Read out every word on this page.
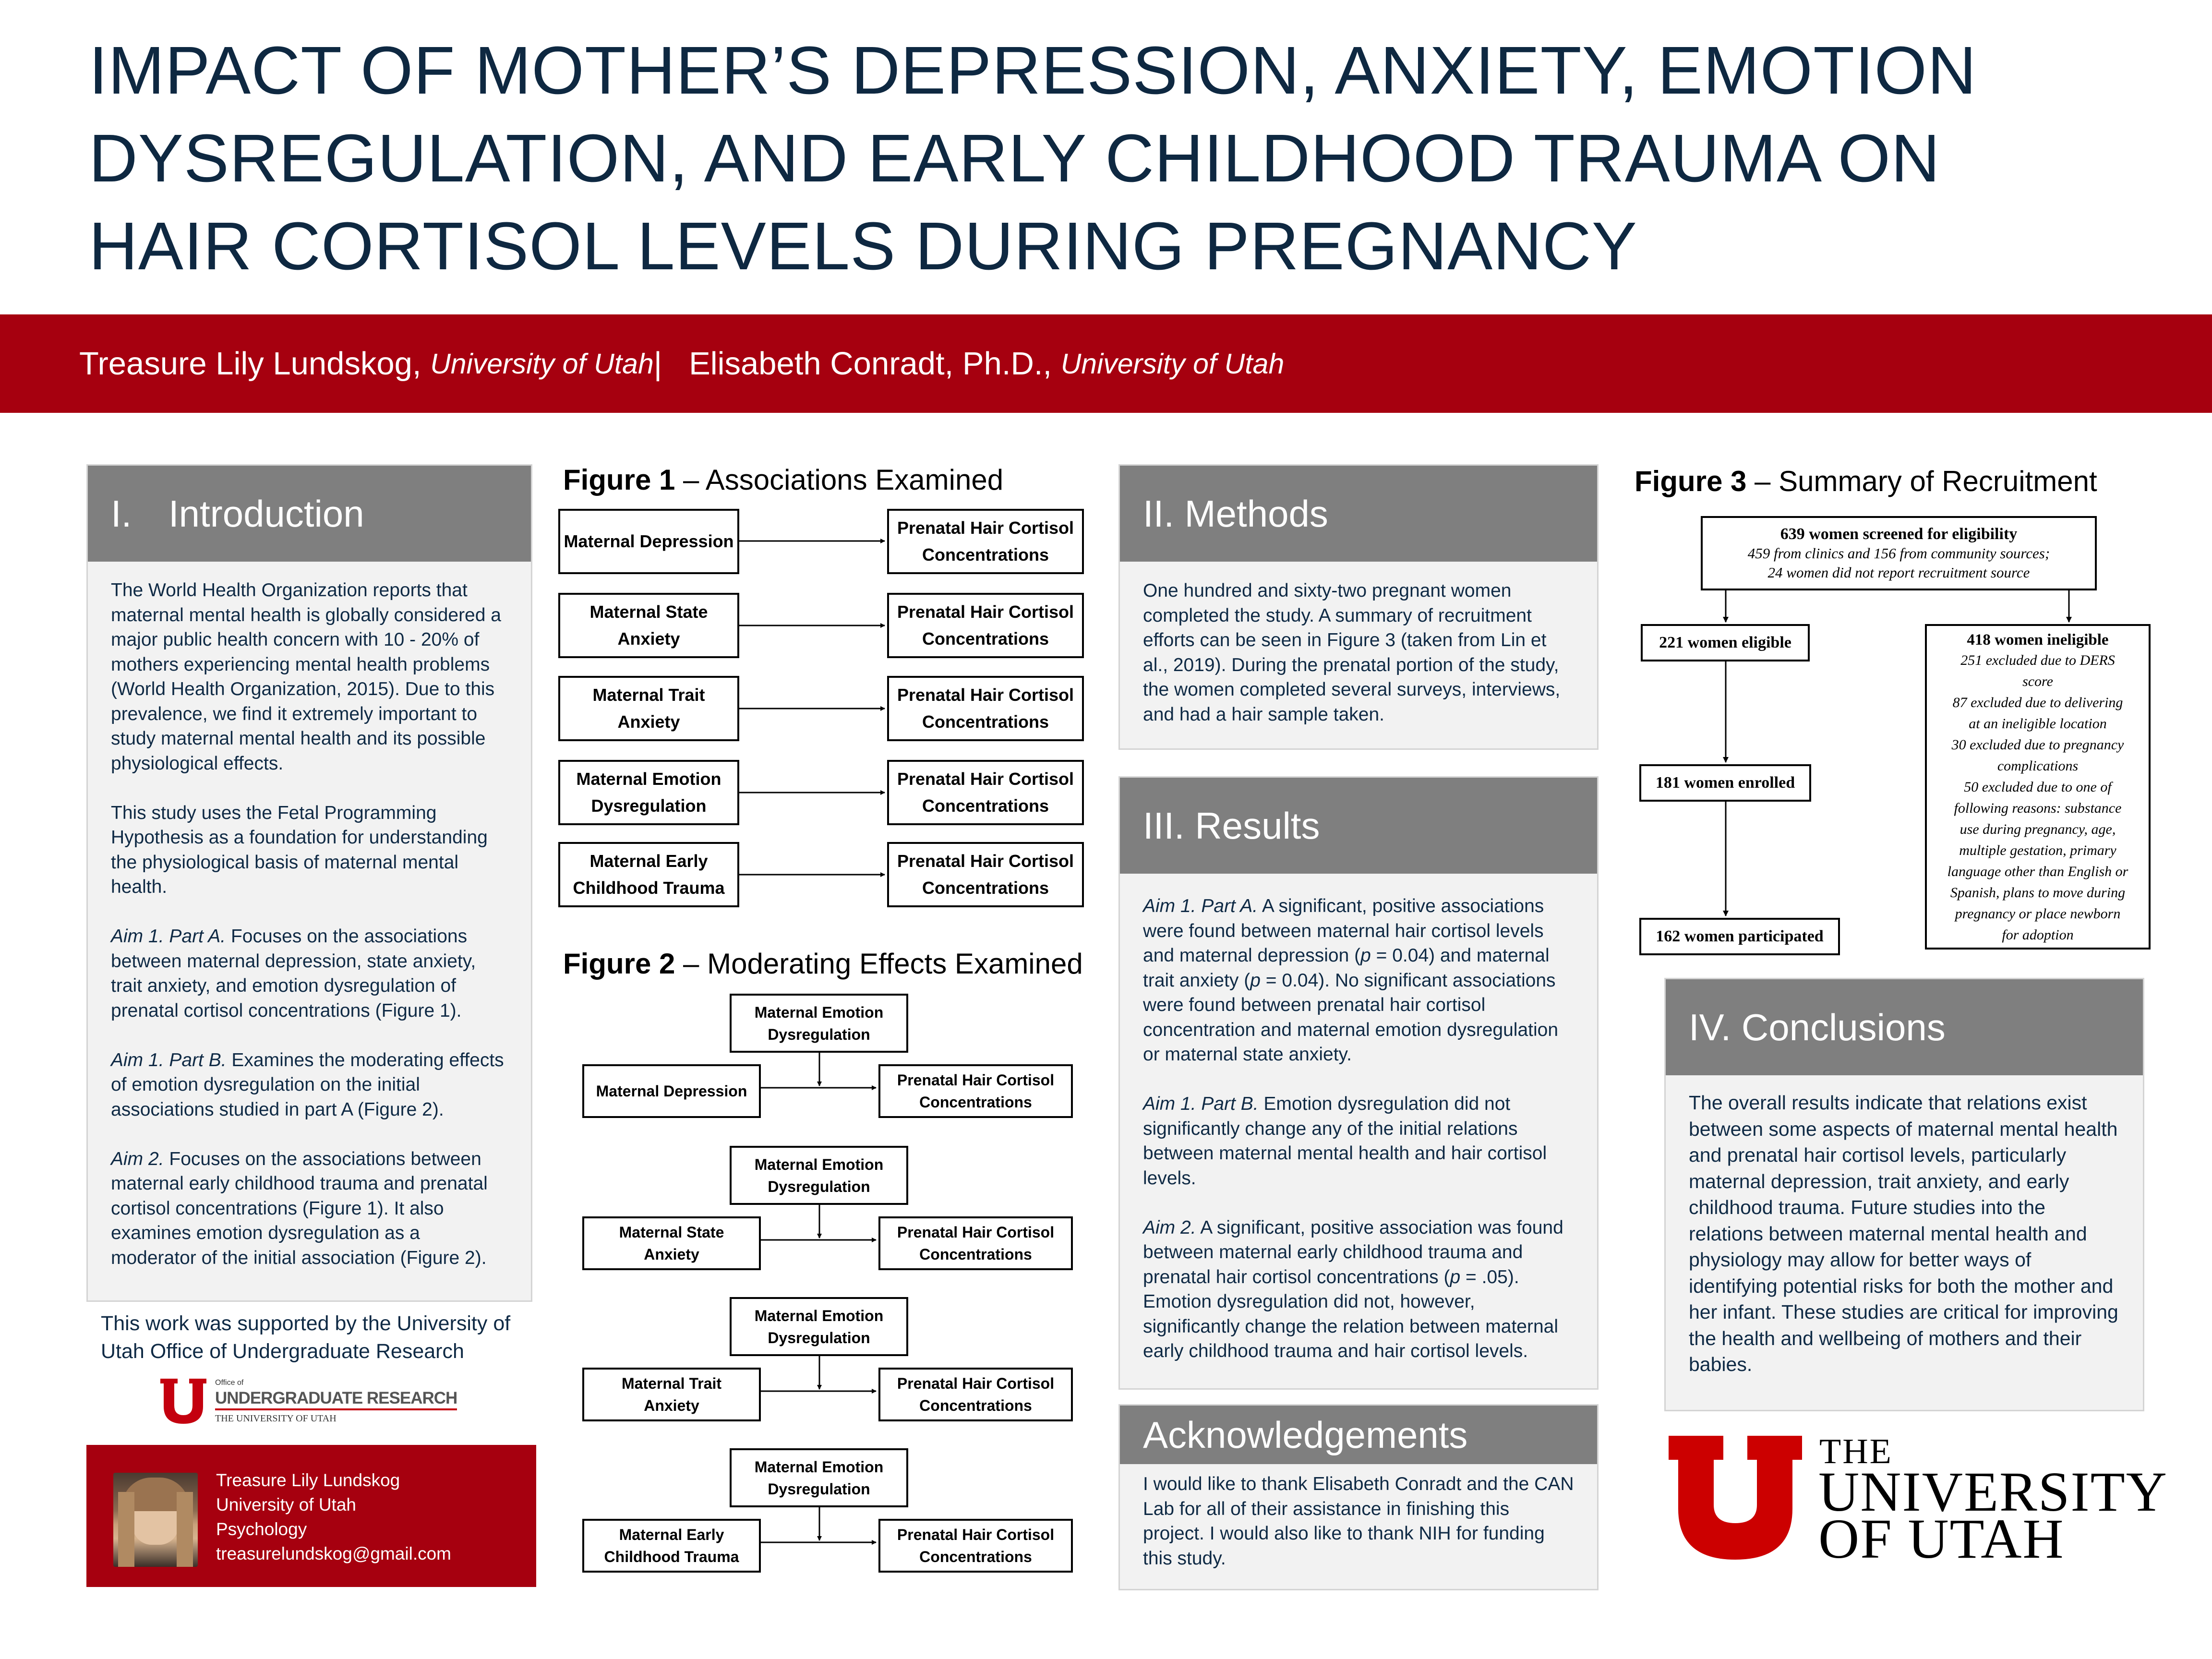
IMPACT OF MOTHER’S DEPRESSION, ANXIETY, EMOTION DYSREGULATION, AND EARLY CHILDHOOD TRAUMA ON HAIR CORTISOL LEVELS DURING PREGNANCY
Treasure Lily Lundskog,
University of Utah |
Elisabeth Conradt, Ph.D.,
University of Utah
I. Introduction

The World Health Organization reports that maternal mental health is globally considered a major public health concern with 10 - 20% of mothers experiencing mental health problems (World Health Organization, 2015). Due to this prevalence, we find it extremely important to study maternal mental health and its possible physiological effects.

This study uses the Fetal Programming Hypothesis as a foundation for understanding the physiological basis of maternal mental health.

Aim 1. Part A. Focuses on the associations between maternal depression, state anxiety, trait anxiety, and emotion dysregulation of prenatal cortisol concentrations (Figure 1).

Aim 1. Part B. Examines the moderating effects of emotion dysregulation on the initial associations studied in part A (Figure 2).

Aim 2. Focuses on the associations between maternal early childhood trauma and prenatal cortisol concentrations (Figure 1). It also examines emotion dysregulation as a moderator of the initial association (Figure 2).

This work was supported by the University of Utah Office of Undergraduate Research
Office of
UNDERGRADUATE RESEARCH
THE UNIVERSITY OF UTAH
Treasure Lily Lundskog
University of Utah
Psychology
treasurelundskog@gmail.com
Figure 1 – Associations Examined
Maternal Depression
Prenatal Hair Cortisol Concentrations
Maternal State Anxiety
Prenatal Hair Cortisol Concentrations
Maternal Trait Anxiety
Prenatal Hair Cortisol Concentrations
Maternal Emotion Dysregulation
Prenatal Hair Cortisol Concentrations
Maternal Early Childhood Trauma
Prenatal Hair Cortisol Concentrations
Figure 2 – Moderating Effects Examined
Maternal Emotion Dysregulation
Maternal Depression
Prenatal Hair Cortisol Concentrations
Maternal Emotion Dysregulation
Maternal State Anxiety
Prenatal Hair Cortisol Concentrations
Maternal Emotion Dysregulation
Maternal Trait Anxiety
Prenatal Hair Cortisol Concentrations
Maternal Emotion Dysregulation
Maternal Early Childhood Trauma
Prenatal Hair Cortisol Concentrations
II. Methods

One hundred and sixty-two pregnant women completed the study. A summary of recruitment efforts can be seen in Figure 3 (taken from Lin et al., 2019). During the prenatal portion of the study, the women completed several surveys, interviews, and had a hair sample taken.

III. Results

Aim 1. Part A. A significant, positive associations were found between maternal hair cortisol levels and maternal depression (p = 0.04) and maternal trait anxiety (p = 0.04). No significant associations were found between prenatal hair cortisol concentration and maternal emotion dysregulation or maternal state anxiety.

Aim 1. Part B. Emotion dysregulation did not significantly change any of the initial relations between maternal mental health and hair cortisol levels.

Aim 2. A significant, positive association was found between maternal early childhood trauma and prenatal hair cortisol concentrations (p = .05). Emotion dysregulation did not, however, significantly change the relation between maternal early childhood trauma and hair cortisol levels.

Acknowledgements

I would like to thank Elisabeth Conradt and the CAN Lab for all of their assistance in finishing this project. I would also like to thank NIH for funding this study.

Figure 3 – Summary of Recruitment
639 women screened for eligibility
459 from clinics and 156 from community sources;
24 women did not report recruitment source
221 women eligible
181 women enrolled
162 women participated
418 women ineligible
251 excluded due to DERS
score
87 excluded due to delivering
at an ineligible location
30 excluded due to pregnancy
complications
50 excluded due to one of
following reasons: substance
use during pregnancy, age,
multiple gestation, primary
language other than English or
Spanish, plans to move during
pregnancy or place newborn
for adoption
IV. Conclusions

The overall results indicate that relations exist between some aspects of maternal mental health and prenatal hair cortisol levels, particularly maternal depression, trait anxiety, and early childhood trauma. Future studies into the relations between maternal mental health and physiology may allow for better ways of identifying potential risks for both the mother and her infant. These studies are critical for improving the health and wellbeing of mothers and their babies.

THE
UNIVERSITY
OF UTAH
